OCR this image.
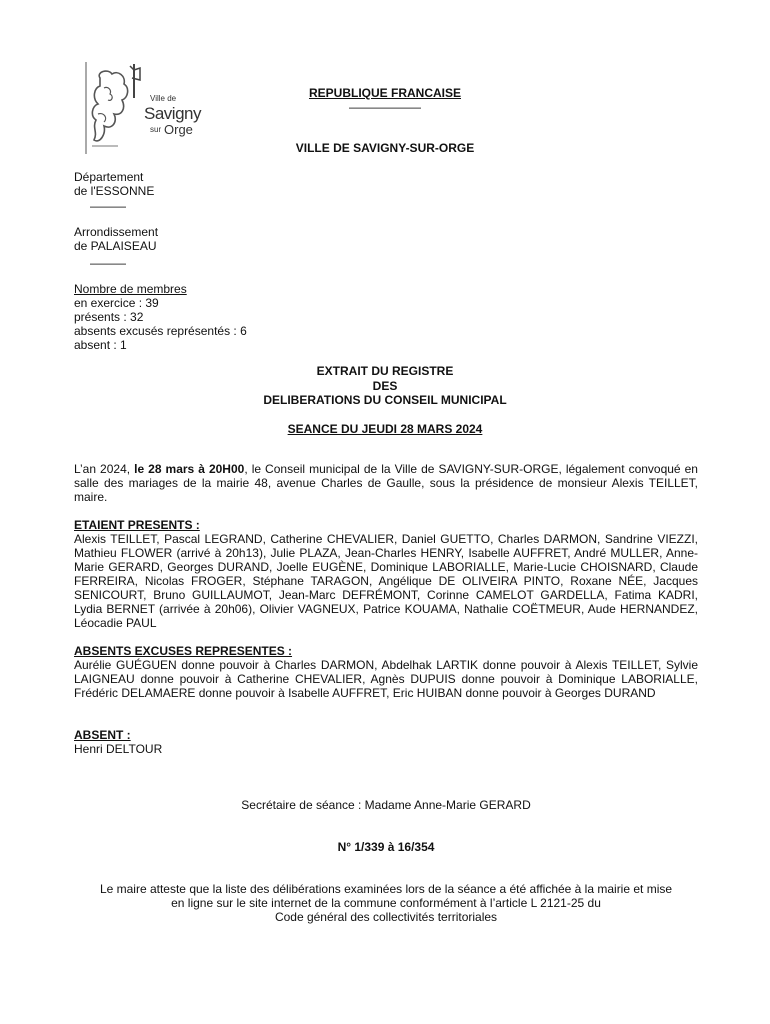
Ville de
Savigny
sur Orge
REPUBLIQUE FRANCAISE
——————
VILLE DE SAVIGNY-SUR-ORGE
Département
de l'ESSONNE
———
Arrondissement
de PALAISEAU
———
Nombre de membres
en exercice : 39
présents : 32
absents excusés représentés : 6
absent : 1
EXTRAIT DU REGISTRE
DES
DELIBERATIONS DU CONSEIL MUNICIPAL
SEANCE DU JEUDI 28 MARS 2024
L’an 2024, le 28 mars à 20H00, le Conseil municipal de la Ville de SAVIGNY-SUR-ORGE, légalement convoqué en salle des mariages de la mairie 48, avenue Charles de Gaulle, sous la présidence de monsieur Alexis TEILLET, maire.
ETAIENT PRESENTS :
Alexis TEILLET, Pascal LEGRAND, Catherine CHEVALIER, Daniel GUETTO, Charles DARMON, Sandrine VIEZZI, Mathieu FLOWER (arrivé à 20h13), Julie PLAZA, Jean-Charles HENRY, Isabelle AUFFRET, André MULLER, Anne-Marie GERARD, Georges DURAND, Joelle EUGÈNE, Dominique LABORIALLE, Marie-Lucie CHOISNARD, Claude FERREIRA, Nicolas FROGER, Stéphane TARAGON, Angélique DE OLIVEIRA PINTO, Roxane NÉE, Jacques SENICOURT, Bruno GUILLAUMOT, Jean-Marc DEFRÉMONT, Corinne CAMELOT GARDELLA, Fatima KADRI, Lydia BERNET (arrivée à 20h06), Olivier VAGNEUX, Patrice KOUAMA, Nathalie COËTMEUR, Aude HERNANDEZ, Léocadie PAUL
ABSENTS EXCUSES REPRESENTES :
Aurélie GUÉGUEN donne pouvoir à Charles DARMON, Abdelhak LARTIK donne pouvoir à Alexis TEILLET, Sylvie LAIGNEAU donne pouvoir à Catherine CHEVALIER, Agnès DUPUIS donne pouvoir à Dominique LABORIALLE, Frédéric DELAMAERE donne pouvoir à Isabelle AUFFRET, Eric HUIBAN donne pouvoir à Georges DURAND
ABSENT :
Henri DELTOUR
Secrétaire de séance : Madame Anne-Marie GERARD
N° 1/339 à 16/354
Le maire atteste que la liste des délibérations examinées lors de la séance a été affichée à la mairie et mise
en ligne sur le site internet de la commune conformément à l’article L 2121-25 du
Code général des collectivités territoriales
